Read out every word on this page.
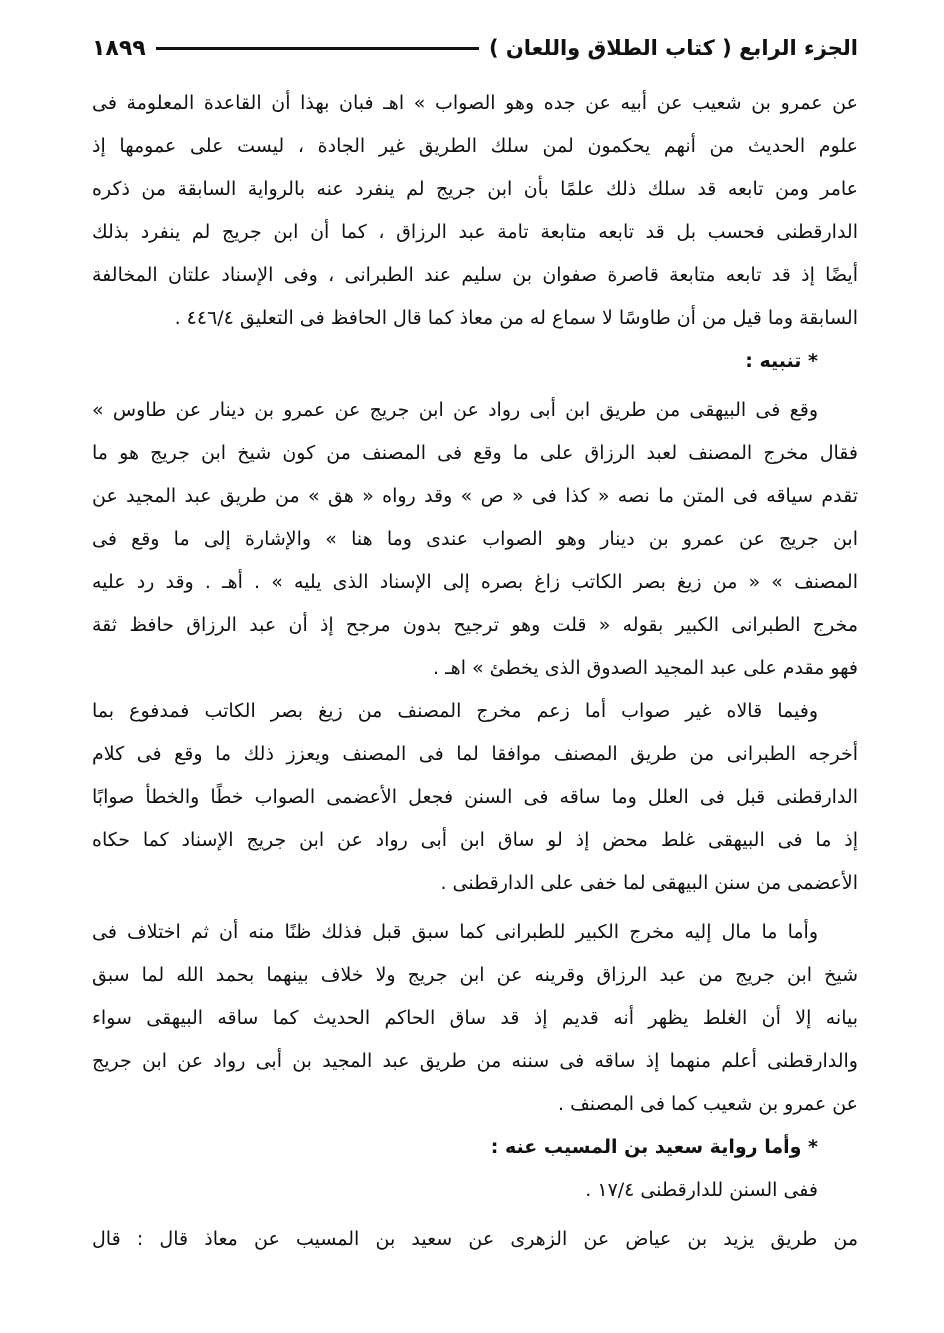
الجزء الرابع ( كتاب الطلاق واللعان )
١٨٩٩
عن عمرو بن شعيب عن أبيه عن جده وهو الصواب » اهـ فبان بهذا أن القاعدة المعلومة فى
علوم الحديث من أنهم يحكمون لمن سلك الطريق غير الجادة ، ليست على عمومها إذ
عامر ومن تابعه قد سلك ذلك علمًا بأن ابن جريج لم ينفرد عنه بالرواية السابقة من ذكره
الدارقطنى فحسب بل قد تابعه متابعة تامة عبد الرزاق ، كما أن ابن جريج لم ينفرد بذلك
أيضًا إذ قد تابعه متابعة قاصرة صفوان بن سليم عند الطبرانى ، وفى الإسناد علتان المخالفة
السابقة وما قيل من أن طاوسًا لا سماع له من معاذ كما قال الحافظ فى التعليق ٤٤٦/٤ .
* تنبيه :
وقع فى البيهقى من طريق ابن أبى رواد عن ابن جريج عن عمرو بن دينار عن طاوس »
فقال مخرج المصنف لعبد الرزاق على ما وقع فى المصنف من كون شيخ ابن جريج هو ما
تقدم سياقه فى المتن ما نصه « كذا فى « ص » وقد رواه « هق » من طريق عبد المجيد عن
ابن جريج عن عمرو بن دينار وهو الصواب عندى وما هنا » والإشارة إلى ما وقع فى
المصنف » « من زيغ بصر الكاتب زاغ بصره إلى الإسناد الذى يليه » . أهـ . وقد رد عليه
مخرج الطبرانى الكبير بقوله « قلت وهو ترجيح بدون مرجح إذ أن عبد الرزاق حافظ ثقة
فهو مقدم على عبد المجيد الصدوق الذى يخطئ » اهـ .
وفيما قالاه غير صواب أما زعم مخرج المصنف من زيغ بصر الكاتب فمدفوع بما
أخرجه الطبرانى من طريق المصنف موافقا لما فى المصنف ويعزز ذلك ما وقع فى كلام
الدارقطنى قبل فى العلل وما ساقه فى السنن فجعل الأعضمى الصواب خطًا والخطأ صوابًا
إذ ما فى البيهقى غلط محض إذ لو ساق ابن أبى رواد عن ابن جريج الإسناد كما حكاه
الأعضمى من سنن البيهقى لما خفى على الدارقطنى .
وأما ما مال إليه مخرج الكبير للطبرانى كما سبق قبل فذلك ظنًا منه أن ثم اختلاف فى
شيخ ابن جريج من عبد الرزاق وقرينه عن ابن جريج ولا خلاف بينهما بحمد الله لما سبق
بيانه إلا أن الغلط يظهر أنه قديم إذ قد ساق الحاكم الحديث كما ساقه البيهقى سواء
والدارقطنى أعلم منهما إذ ساقه فى سننه من طريق عبد المجيد بن أبى رواد عن ابن جريج
عن عمرو بن شعيب كما فى المصنف .
* وأما رواية سعيد بن المسيب عنه :
ففى السنن للدارقطنى ١٧/٤ .
من طريق يزيد بن عياض عن الزهرى عن سعيد بن المسيب عن معاذ قال : قال
